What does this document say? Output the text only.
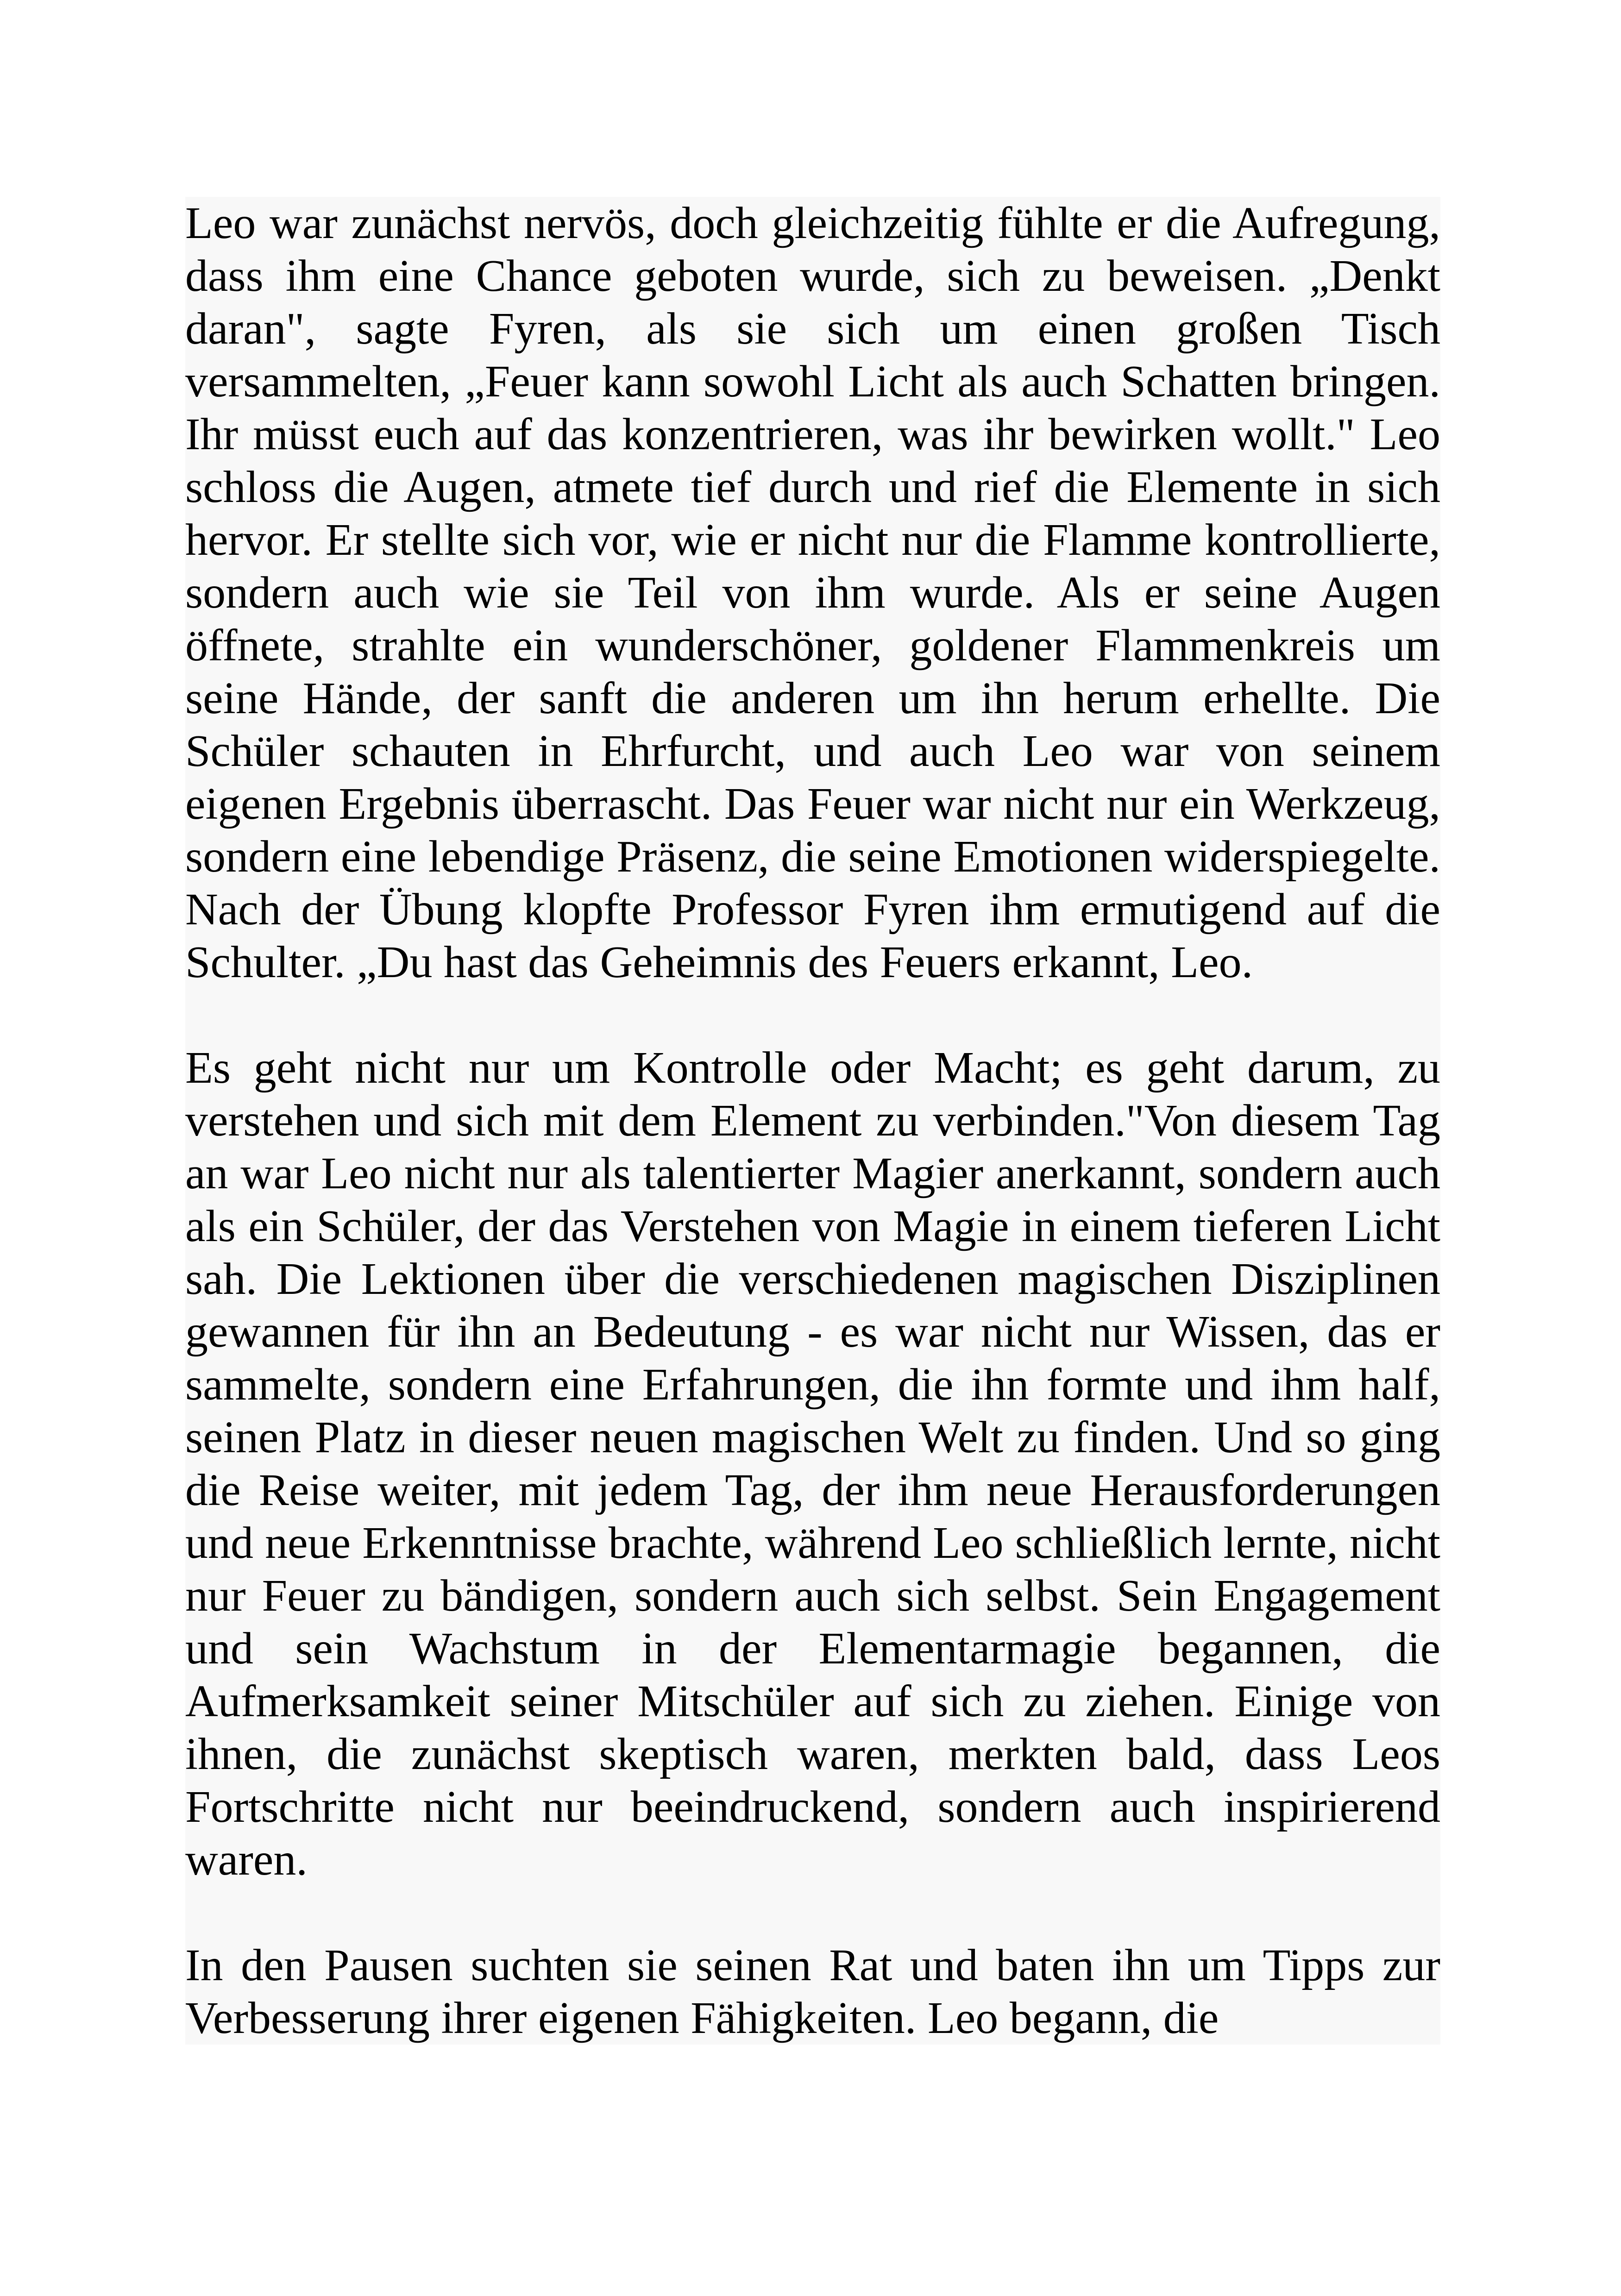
Leo war zunächst nervös, doch gleichzeitig fühlte er die Aufregung, dass ihm eine Chance geboten wurde, sich zu beweisen. „Denkt daran", sagte Fyren, als sie sich um einen großen Tisch versammelten, „Feuer kann sowohl Licht als auch Schatten bringen. Ihr müsst euch auf das konzentrieren, was ihr bewirken wollt." Leo schloss die Augen, atmete tief durch und rief die Elemente in sich hervor. Er stellte sich vor, wie er nicht nur die Flamme kontrollierte, sondern auch wie sie Teil von ihm wurde. Als er seine Augen öffnete, strahlte ein wunderschöner, goldener Flammenkreis um seine Hände, der sanft die anderen um ihn herum erhellte. Die Schüler schauten in Ehrfurcht, und auch Leo war von seinem eigenen Ergebnis überrascht. Das Feuer war nicht nur ein Werkzeug, sondern eine lebendige Präsenz, die seine Emotionen widerspiegelte. Nach der Übung klopfte Professor Fyren ihm ermutigend auf die Schulter. „Du hast das Geheimnis des Feuers erkannt, Leo.

Es geht nicht nur um Kontrolle oder Macht; es geht darum, zu verstehen und sich mit dem Element zu verbinden."Von diesem Tag an war Leo nicht nur als talentierter Magier anerkannt, sondern auch als ein Schüler, der das Verstehen von Magie in einem tieferen Licht sah. Die Lektionen über die verschiedenen magischen Disziplinen gewannen für ihn an Bedeutung - es war nicht nur Wissen, das er sammelte, sondern eine Erfahrungen, die ihn formte und ihm half, seinen Platz in dieser neuen magischen Welt zu finden. Und so ging die Reise weiter, mit jedem Tag, der ihm neue Herausforderungen und neue Erkenntnisse brachte, während Leo schließlich lernte, nicht nur Feuer zu bändigen, sondern auch sich selbst. Sein Engagement und sein Wachstum in der Elementarmagie begannen, die Aufmerksamkeit seiner Mitschüler auf sich zu ziehen. Einige von ihnen, die zunächst skeptisch waren, merkten bald, dass Leos Fortschritte nicht nur beeindruckend, sondern auch inspirierend waren.

In den Pausen suchten sie seinen Rat und baten ihn um Tipps zur Verbesserung ihrer eigenen Fähigkeiten. Leo begann, die
